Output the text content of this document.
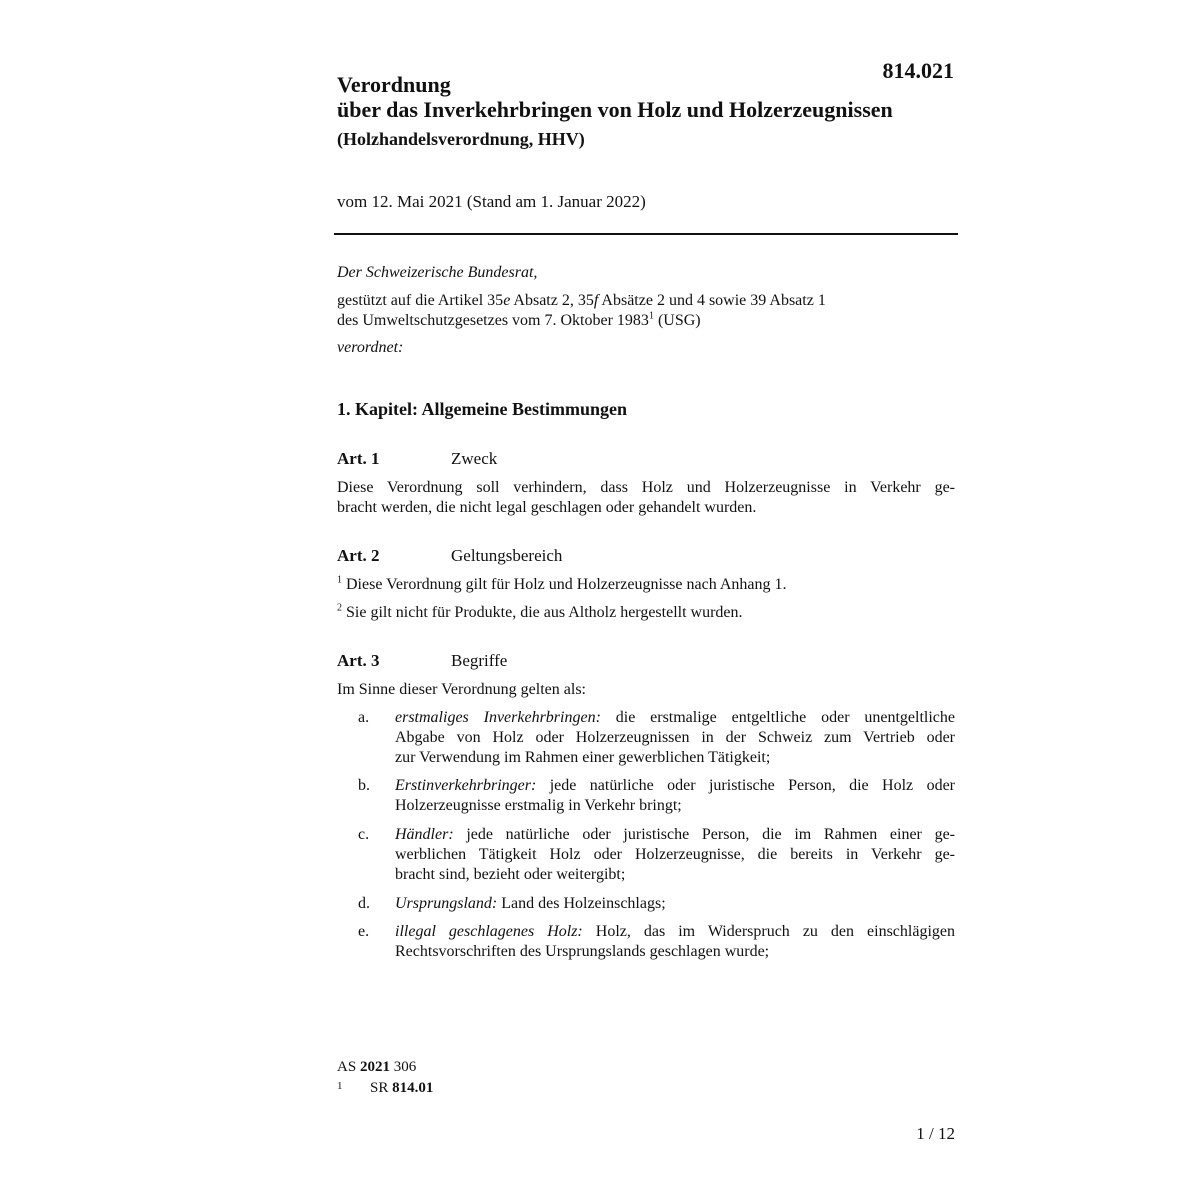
814.021
Verordnung
über das Inverkehrbringen von Holz und Holzerzeugnissen
(Holzhandelsverordnung, HHV)
vom 12. Mai 2021 (Stand am 1. Januar 2022)
Der Schweizerische Bundesrat,
gestützt auf die Artikel 35e Absatz 2, 35f Absätze 2 und 4 sowie 39 Absatz 1
des Umweltschutzgesetzes vom 7. Oktober 1983$^1$ (USG)
verordnet:
1. Kapitel: Allgemeine Bestimmungen
Art. 1	Zweck
Diese Verordnung soll verhindern, dass Holz und Holzerzeugnisse in Verkehr ge-
bracht werden, die nicht legal geschlagen oder gehandelt wurden.
Art. 2	Geltungsbereich
$^1$ Diese Verordnung gilt für Holz und Holzerzeugnisse nach Anhang 1.
$^2$ Sie gilt nicht für Produkte, die aus Altholz hergestellt wurden.
Art. 3	Begriffe
Im Sinne dieser Verordnung gelten als:
a. erstmaliges Inverkehrbringen: die erstmalige entgeltliche oder unentgeltliche
Abgabe von Holz oder Holzerzeugnissen in der Schweiz zum Vertrieb oder
zur Verwendung im Rahmen einer gewerblichen Tätigkeit;
b. Erstinverkehrbringer: jede natürliche oder juristische Person, die Holz oder
Holzerzeugnisse erstmalig in Verkehr bringt;
c. Händler: jede natürliche oder juristische Person, die im Rahmen einer ge-
werblichen Tätigkeit Holz oder Holzerzeugnisse, die bereits in Verkehr ge-
bracht sind, bezieht oder weitergibt;
d. Ursprungsland: Land des Holzeinschlags;
e. illegal geschlagenes Holz: Holz, das im Widerspruch zu den einschlägigen
Rechtsvorschriften des Ursprungslands geschlagen wurde;
AS 2021 306
1 SR 814.01
1 / 12
